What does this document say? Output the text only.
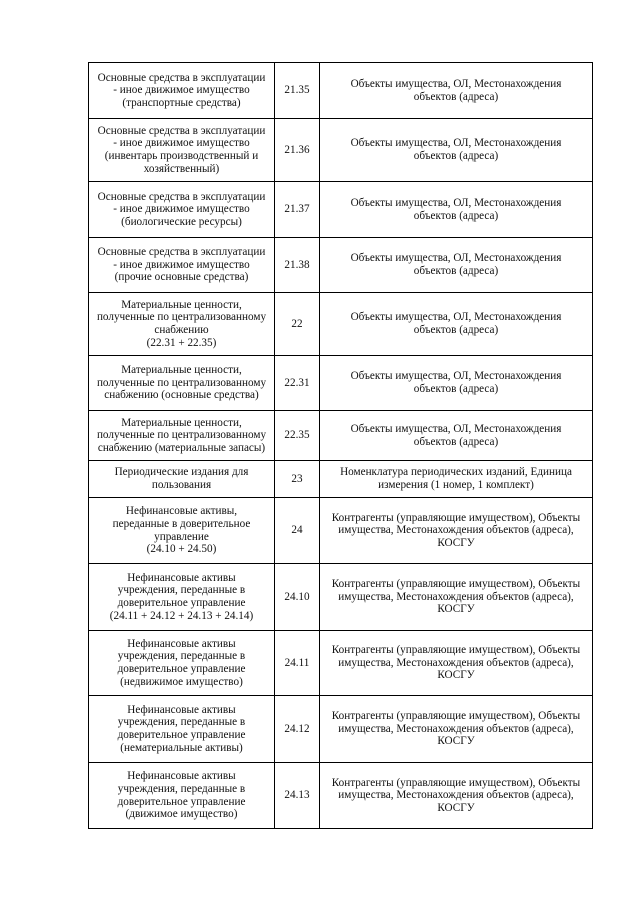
Основные средства в эксплуатации
- иное движимое имущество
(транспортные средства)	21.35	Объекты имущества, ОЛ, Местонахождения
объектов (адреса)
Основные средства в эксплуатации
- иное движимое имущество
(инвентарь производственный и
хозяйственный)	21.36	Объекты имущества, ОЛ, Местонахождения
объектов (адреса)
Основные средства в эксплуатации
- иное движимое имущество
(биологические ресурсы)	21.37	Объекты имущества, ОЛ, Местонахождения
объектов (адреса)
Основные средства в эксплуатации
- иное движимое имущество
(прочие основные средства)	21.38	Объекты имущества, ОЛ, Местонахождения
объектов (адреса)
Материальные ценности,
полученные по централизованному
снабжению
(22.31 + 22.35)	22	Объекты имущества, ОЛ, Местонахождения
объектов (адреса)
Материальные ценности,
полученные по централизованному
снабжению (основные средства)	22.31	Объекты имущества, ОЛ, Местонахождения
объектов (адреса)
Материальные ценности,
полученные по централизованному
снабжению (материальные запасы)	22.35	Объекты имущества, ОЛ, Местонахождения
объектов (адреса)
Периодические издания для
пользования	23	Номенклатура периодических изданий, Единица
измерения (1 номер, 1 комплект)
Нефинансовые активы,
переданные в доверительное
управление
(24.10 + 24.50)	24	Контрагенты (управляющие имуществом), Объекты
имущества, Местонахождения объектов (адреса),
КОСГУ
Нефинансовые активы
учреждения, переданные в
доверительное управление
(24.11 + 24.12 + 24.13 + 24.14)	24.10	Контрагенты (управляющие имуществом), Объекты
имущества, Местонахождения объектов (адреса),
КОСГУ
Нефинансовые активы
учреждения, переданные в
доверительное управление
(недвижимое имущество)	24.11	Контрагенты (управляющие имуществом), Объекты
имущества, Местонахождения объектов (адреса),
КОСГУ
Нефинансовые активы
учреждения, переданные в
доверительное управление
(нематериальные активы)	24.12	Контрагенты (управляющие имуществом), Объекты
имущества, Местонахождения объектов (адреса),
КОСГУ
Нефинансовые активы
учреждения, переданные в
доверительное управление
(движимое имущество)	24.13	Контрагенты (управляющие имуществом), Объекты
имущества, Местонахождения объектов (адреса),
КОСГУ
